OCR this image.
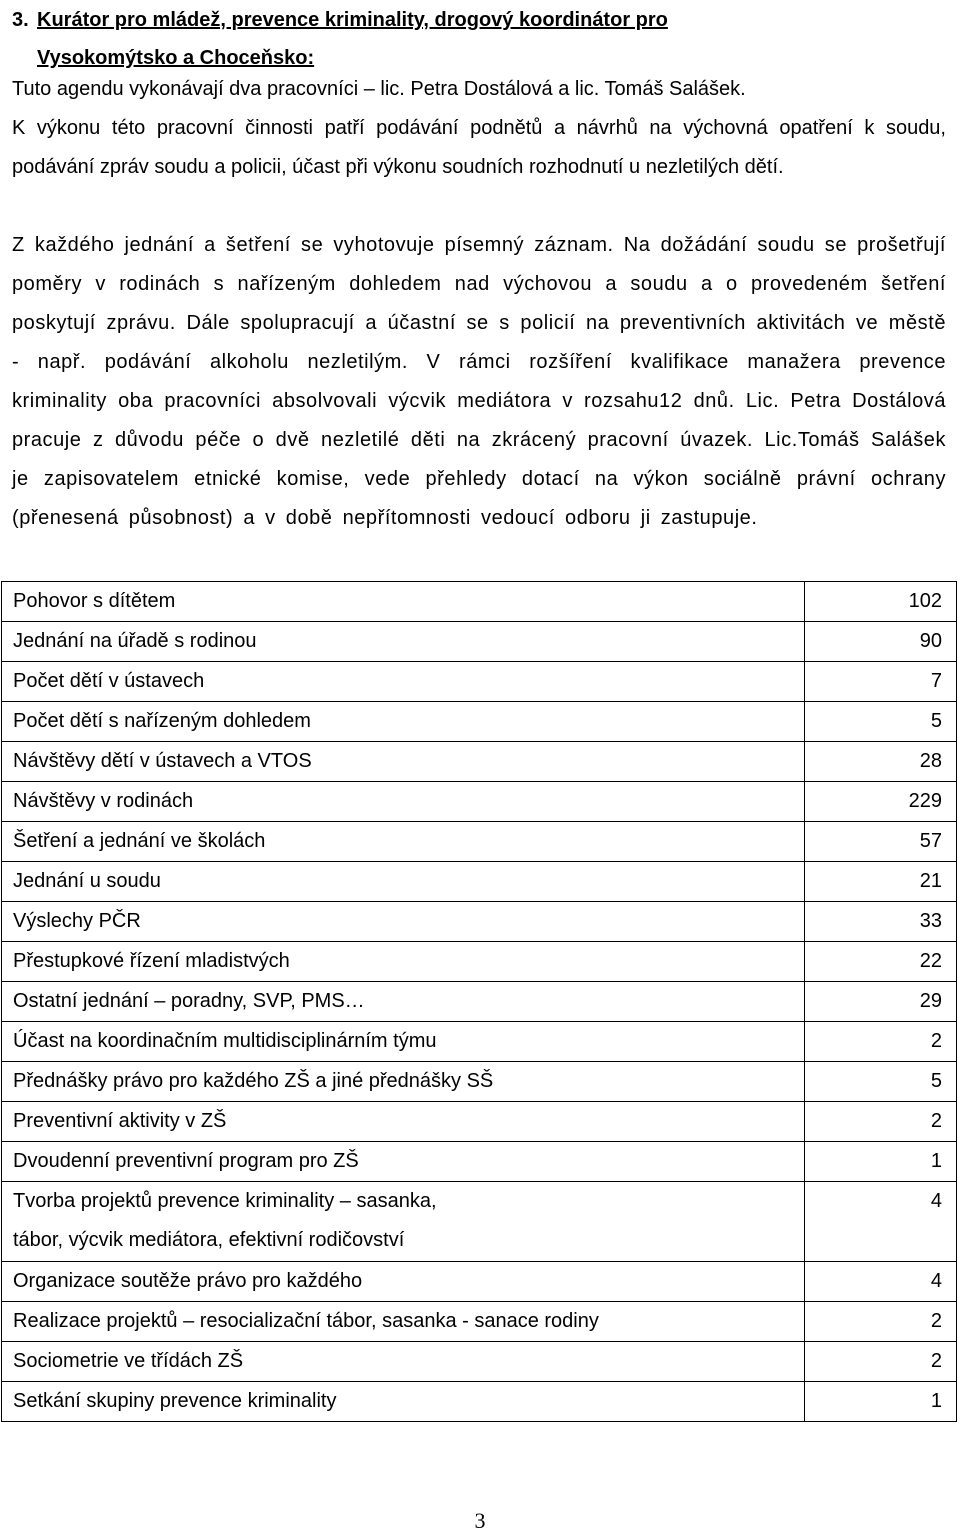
3. Kurátor pro mládež, prevence kriminality, drogový koordinátor pro
Vysokomýtsko a Choceňsko:

Tuto agendu vykonávají dva pracovníci – lic. Petra Dostálová a lic. Tomáš Salášek.

K výkonu této pracovní činnosti patří podávání podnětů a návrhů na výchovná opatření k soudu, podávání zpráv soudu a policii, účast při výkonu soudních rozhodnutí u nezletilých dětí.

Z každého jednání a šetření se vyhotovuje písemný záznam. Na dožádání soudu se prošetřují poměry v rodinách s nařízeným dohledem nad výchovou a soudu a o provedeném šetření poskytují zprávu. Dále spolupracují a účastní se s policií na preventivních aktivitách ve městě - např. podávání alkoholu nezletilým. V rámci rozšíření kvalifikace manažera prevence kriminality oba pracovníci absolvovali výcvik mediátora v rozsahu12 dnů. Lic. Petra Dostálová pracuje z důvodu péče o dvě nezletilé děti na zkrácený pracovní úvazek. Lic.Tomáš Salášek je zapisovatelem etnické komise, vede přehledy dotací na výkon sociálně právní ochrany (přenesená působnost) a v době nepřítomnosti vedoucí odboru ji zastupuje.

Pohovor s dítětem	102

Jednání na úřadě s rodinou	90

Počet dětí v ústavech	7

Počet dětí s nařízeným dohledem	5

Návštěvy dětí v ústavech a VTOS	28

Návštěvy v rodinách	229

Šetření a jednání ve školách	57

Jednání u soudu	21

Výslechy PČR	33

Přestupkové řízení mladistvých	22

Ostatní jednání – poradny, SVP, PMS…	29

Účast na koordinačním multidisciplinárním týmu	2

Přednášky právo pro každého ZŠ a jiné přednášky SŠ	5

Preventivní aktivity v ZŠ	2

Dvoudenní preventivní program pro ZŠ	1

Tvorba projektů prevence kriminality – sasanka,
tábor, výcvik mediátora, efektivní rodičovství	4

Organizace soutěže právo pro každého	4

Realizace projektů – resocializační tábor, sasanka - sanace rodiny	2

Sociometrie ve třídách ZŠ	2

Setkání skupiny prevence kriminality	1
3
